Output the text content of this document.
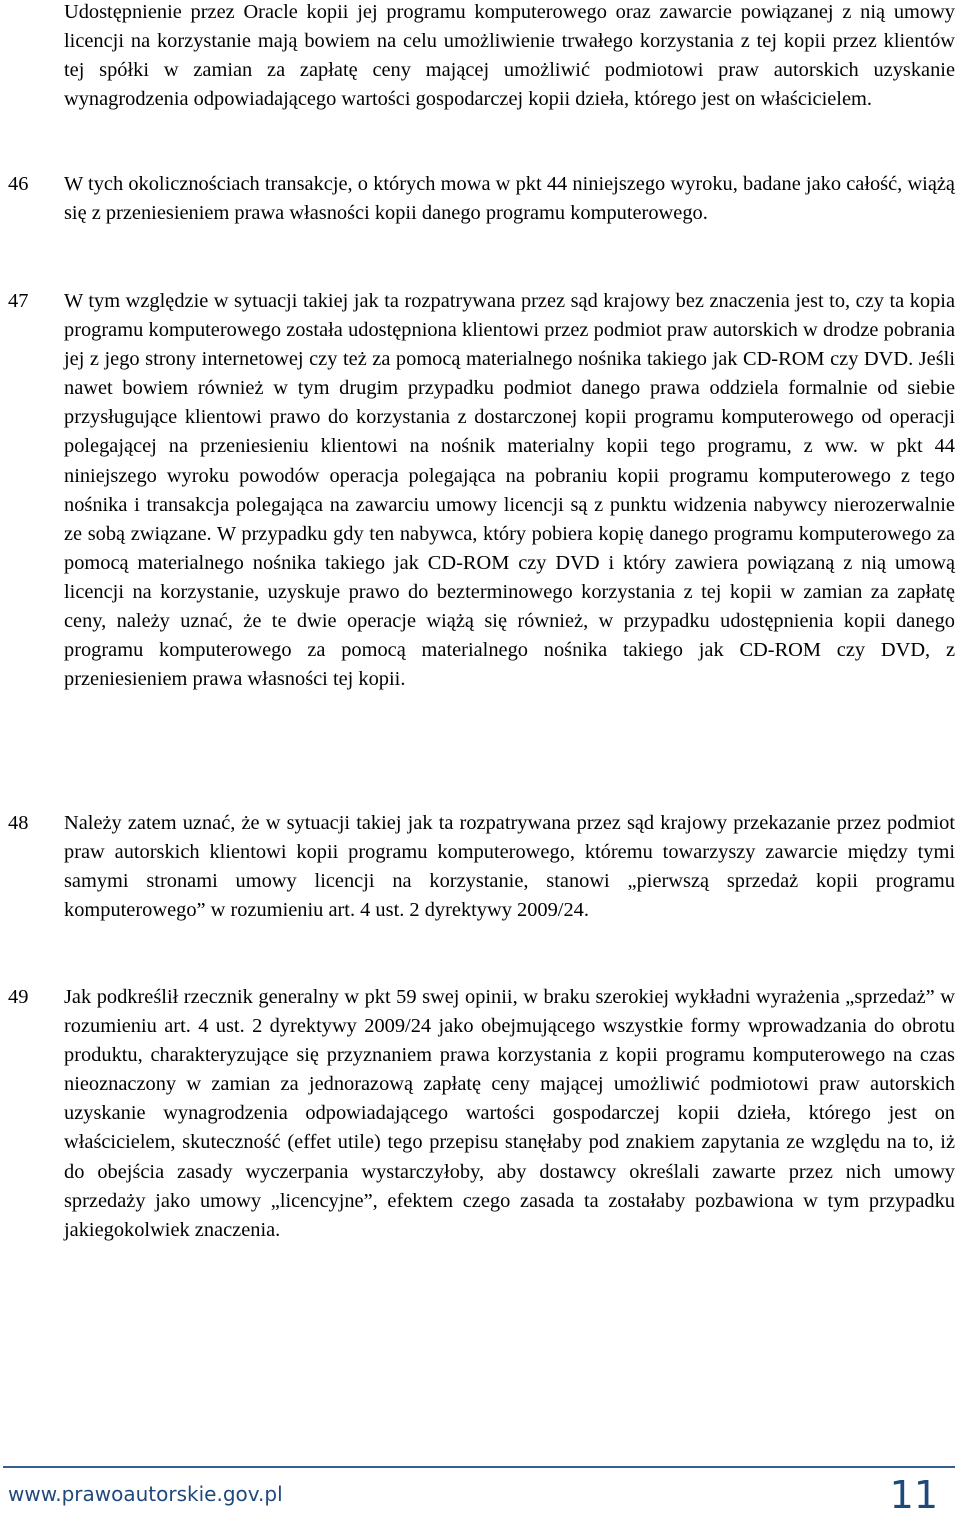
Udostępnienie przez Oracle kopii jej programu komputerowego oraz zawarcie powiązanej z nią umowy licencji na korzystanie mają bowiem na celu umożliwienie trwałego korzystania z tej kopii przez klientów tej spółki w zamian za zapłatę ceny mającej umożliwić podmiotowi praw autorskich uzyskanie wynagrodzenia odpowiadającego wartości gospodarczej kopii dzieła, którego jest on właścicielem.

46 W tych okolicznościach transakcje, o których mowa w pkt 44 niniejszego wyroku, badane jako całość, wiążą się z przeniesieniem prawa własności kopii danego programu komputerowego.

47 W tym względzie w sytuacji takiej jak ta rozpatrywana przez sąd krajowy bez znaczenia jest to, czy ta kopia programu komputerowego została udostępniona klientowi przez podmiot praw autorskich w drodze pobrania jej z jego strony internetowej czy też za pomocą materialnego nośnika takiego jak CD-ROM czy DVD. Jeśli nawet bowiem również w tym drugim przypadku podmiot danego prawa oddziela formalnie od siebie przysługujące klientowi prawo do korzystania z dostarczonej kopii programu komputerowego od operacji polegającej na przeniesieniu klientowi na nośnik materialny kopii tego programu, z ww. w pkt 44 niniejszego wyroku powodów operacja polegająca na pobraniu kopii programu komputerowego z tego nośnika i transakcja polegająca na zawarciu umowy licencji są z punktu widzenia nabywcy nierozerwalnie ze sobą związane. W przypadku gdy ten nabywca, który pobiera kopię danego programu komputerowego za pomocą materialnego nośnika takiego jak CD-ROM czy DVD i który zawiera powiązaną z nią umową licencji na korzystanie, uzyskuje prawo do bezterminowego korzystania z tej kopii w zamian za zapłatę ceny, należy uznać, że te dwie operacje wiążą się również, w przypadku udostępnienia kopii danego programu komputerowego za pomocą materialnego nośnika takiego jak CD-ROM czy DVD, z przeniesieniem prawa własności tej kopii.

48 Należy zatem uznać, że w sytuacji takiej jak ta rozpatrywana przez sąd krajowy przekazanie przez podmiot praw autorskich klientowi kopii programu komputerowego, któremu towarzyszy zawarcie między tymi samymi stronami umowy licencji na korzystanie, stanowi „pierwszą sprzedaż kopii programu komputerowego” w rozumieniu art. 4 ust. 2 dyrektywy 2009/24.

49 Jak podkreślił rzecznik generalny w pkt 59 swej opinii, w braku szerokiej wykładni wyrażenia „sprzedaż” w rozumieniu art. 4 ust. 2 dyrektywy 2009/24 jako obejmującego wszystkie formy wprowadzania do obrotu produktu, charakteryzujące się przyznaniem prawa korzystania z kopii programu komputerowego na czas nieoznaczony w zamian za jednorazową zapłatę ceny mającej umożliwić podmiotowi praw autorskich uzyskanie wynagrodzenia odpowiadającego wartości gospodarczej kopii dzieła, którego jest on właścicielem, skuteczność (effet utile) tego przepisu stanęłaby pod znakiem zapytania ze względu na to, iż do obejścia zasady wyczerpania wystarczyłoby, aby dostawcy określali zawarte przez nich umowy sprzedaży jako umowy „licencyjne”, efektem czego zasada ta zostałaby pozbawiona w tym przypadku jakiegokolwiek znaczenia.

www.prawoautorskie.gov.pl	11
